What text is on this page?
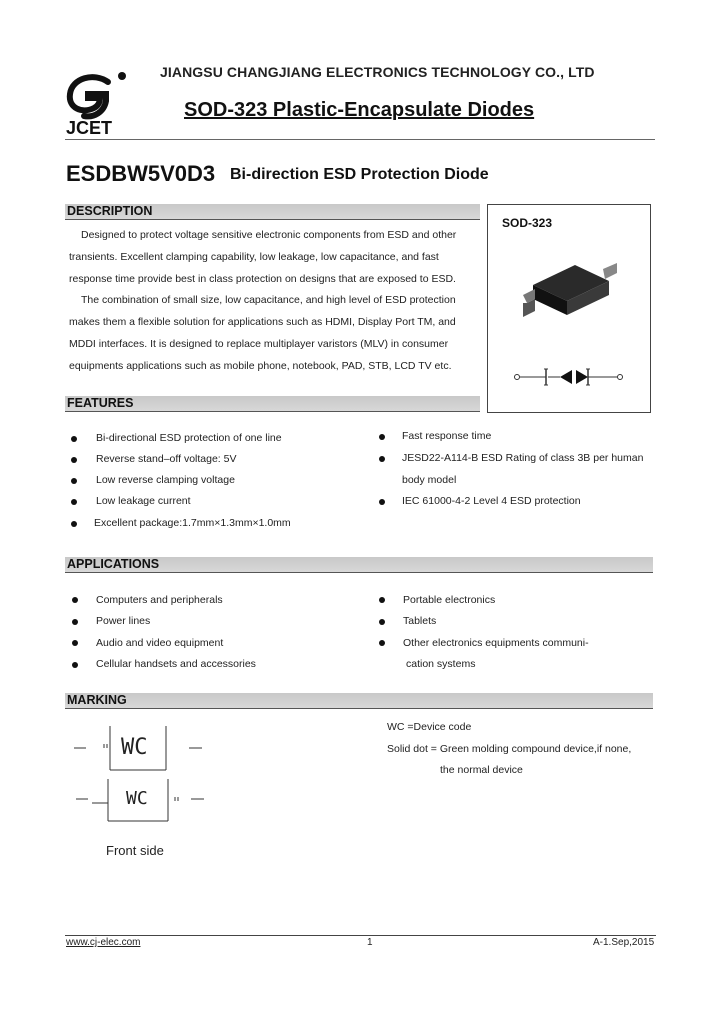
JCET
JIANGSU CHANGJIANG ELECTRONICS TECHNOLOGY CO., LTD
SOD-323 Plastic-Encapsulate Diodes
ESDBW5V0D3 Bi-direction ESD Protection Diode
DESCRIPTION

Designed to protect voltage sensitive electronic components from ESD and other

transients. Excellent clamping capability, low leakage, low capacitance, and fast

response time provide best in class protection on designs that are exposed to ESD.

The combination of small size, low capacitance, and high level of ESD protection

makes them a flexible solution for applications such as HDMI, Display Port TM, and

MDDI interfaces. It is designed to replace multiplayer varistors (MLV) in consumer

equipments applications such as mobile phone, notebook, PAD, STB, LCD TV etc.

SOD-323
FEATURES
Bi-directional ESD protection of one line
Reverse stand–off voltage: 5V
Low reverse clamping voltage
Low leakage current
Excellent package:1.7mm×1.3mm×1.0mm
Fast response time
JESD22-A114-B ESD Rating of class 3B per human
body model
IEC 61000-4-2 Level 4 ESD protection
APPLICATIONS
Computers and peripherals
Power lines
Audio and video equipment
Cellular handsets and accessories
Portable electronics
Tablets
Other electronics equipments communi-
cation systems
MARKING
WC
WC
Front side
WC =Device code
Solid dot = Green molding compound device,if none,
the normal device
www.cj-elec.com	1	A-1.Sep,2015
